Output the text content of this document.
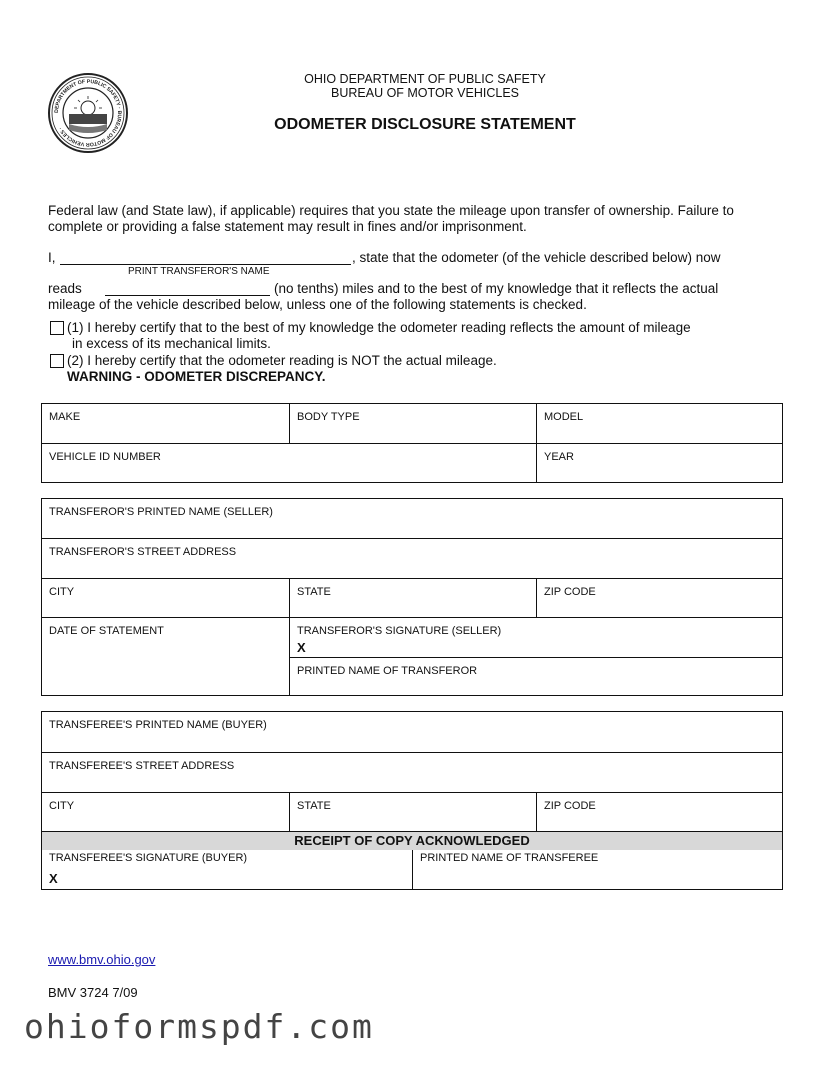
DEPARTMENT OF PUBLIC SAFETY · BUREAU OF MOTOR VEHICLES ·
OHIO DEPARTMENT OF PUBLIC SAFETY
BUREAU OF MOTOR VEHICLES
ODOMETER DISCLOSURE STATEMENT
Federal law (and State law), if applicable) requires that you state the mileage upon transfer of ownership. Failure to complete or providing a false statement may result in fines and/or imprisonment.
I,	, state that the odometer (of the vehicle described below) now
PRINT TRANSFEROR'S NAME
reads	(no tenths) miles and to the best of my knowledge that it reflects the actual
mileage of the vehicle described below, unless one of the following statements is checked.
(1) I hereby certify that to the best of my knowledge the odometer reading reflects the amount of mileage
in excess of its mechanical limits.
(2) I hereby certify that the odometer reading is NOT the actual mileage.
WARNING - ODOMETER DISCREPANCY.
MAKE	BODY TYPE	MODEL
VEHICLE ID NUMBER	YEAR
TRANSFEROR'S PRINTED NAME (SELLER)
TRANSFEROR'S STREET ADDRESS
CITY	STATE	ZIP CODE
DATE OF STATEMENT	TRANSFEROR'S SIGNATURE (SELLER)
X
PRINTED NAME OF TRANSFEROR
TRANSFEREE'S PRINTED NAME (BUYER)
TRANSFEREE'S STREET ADDRESS
CITY	STATE	ZIP CODE
RECEIPT OF COPY ACKNOWLEDGED
TRANSFEREE'S SIGNATURE (BUYER)
X
PRINTED NAME OF TRANSFEREE
www.bmv.ohio.gov
BMV 3724 7/09
ohioformspdf.com
